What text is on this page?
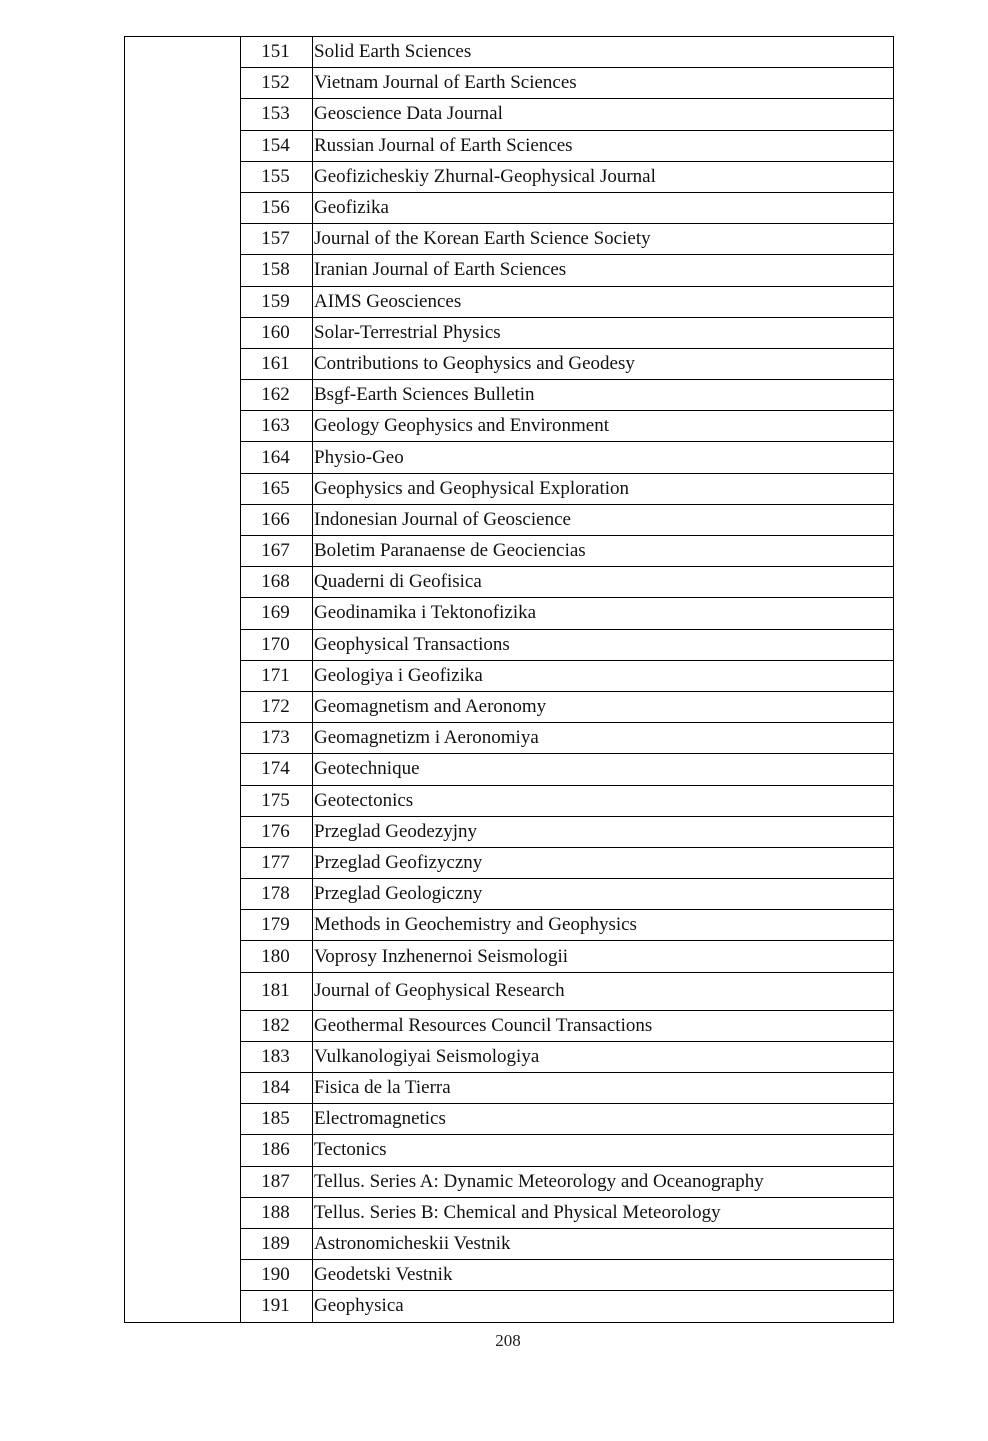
	151	Solid Earth Sciences
	152	Vietnam Journal of Earth Sciences
	153	Geoscience Data Journal
	154	Russian Journal of Earth Sciences
	155	Geofizicheskiy Zhurnal-Geophysical Journal
	156	Geofizika
	157	Journal of the Korean Earth Science Society
	158	Iranian Journal of Earth Sciences
	159	AIMS Geosciences
	160	Solar-Terrestrial Physics
	161	Contributions to Geophysics and Geodesy
	162	Bsgf-Earth Sciences Bulletin
	163	Geology Geophysics and Environment
	164	Physio-Geo
	165	Geophysics and Geophysical Exploration
	166	Indonesian Journal of Geoscience
	167	Boletim Paranaense de Geociencias
	168	Quaderni di Geofisica
	169	Geodinamika i Tektonofizika
	170	Geophysical Transactions
	171	Geologiya i Geofizika
	172	Geomagnetism and Aeronomy
	173	Geomagnetizm i Aeronomiya
	174	Geotechnique
	175	Geotectonics
	176	Przeglad Geodezyjny
	177	Przeglad Geofizyczny
	178	Przeglad Geologiczny
	179	Methods in Geochemistry and Geophysics
	180	Voprosy Inzhenernoi Seismologii
	181	Journal of Geophysical Research
	182	Geothermal Resources Council Transactions
	183	Vulkanologiyai Seismologiya
	184	Fisica de la Tierra
	185	Electromagnetics
	186	Tectonics
	187	Tellus. Series A: Dynamic Meteorology and Oceanography
	188	Tellus. Series B: Chemical and Physical Meteorology
	189	Astronomicheskii Vestnik
	190	Geodetski Vestnik
	191	Geophysica
208
